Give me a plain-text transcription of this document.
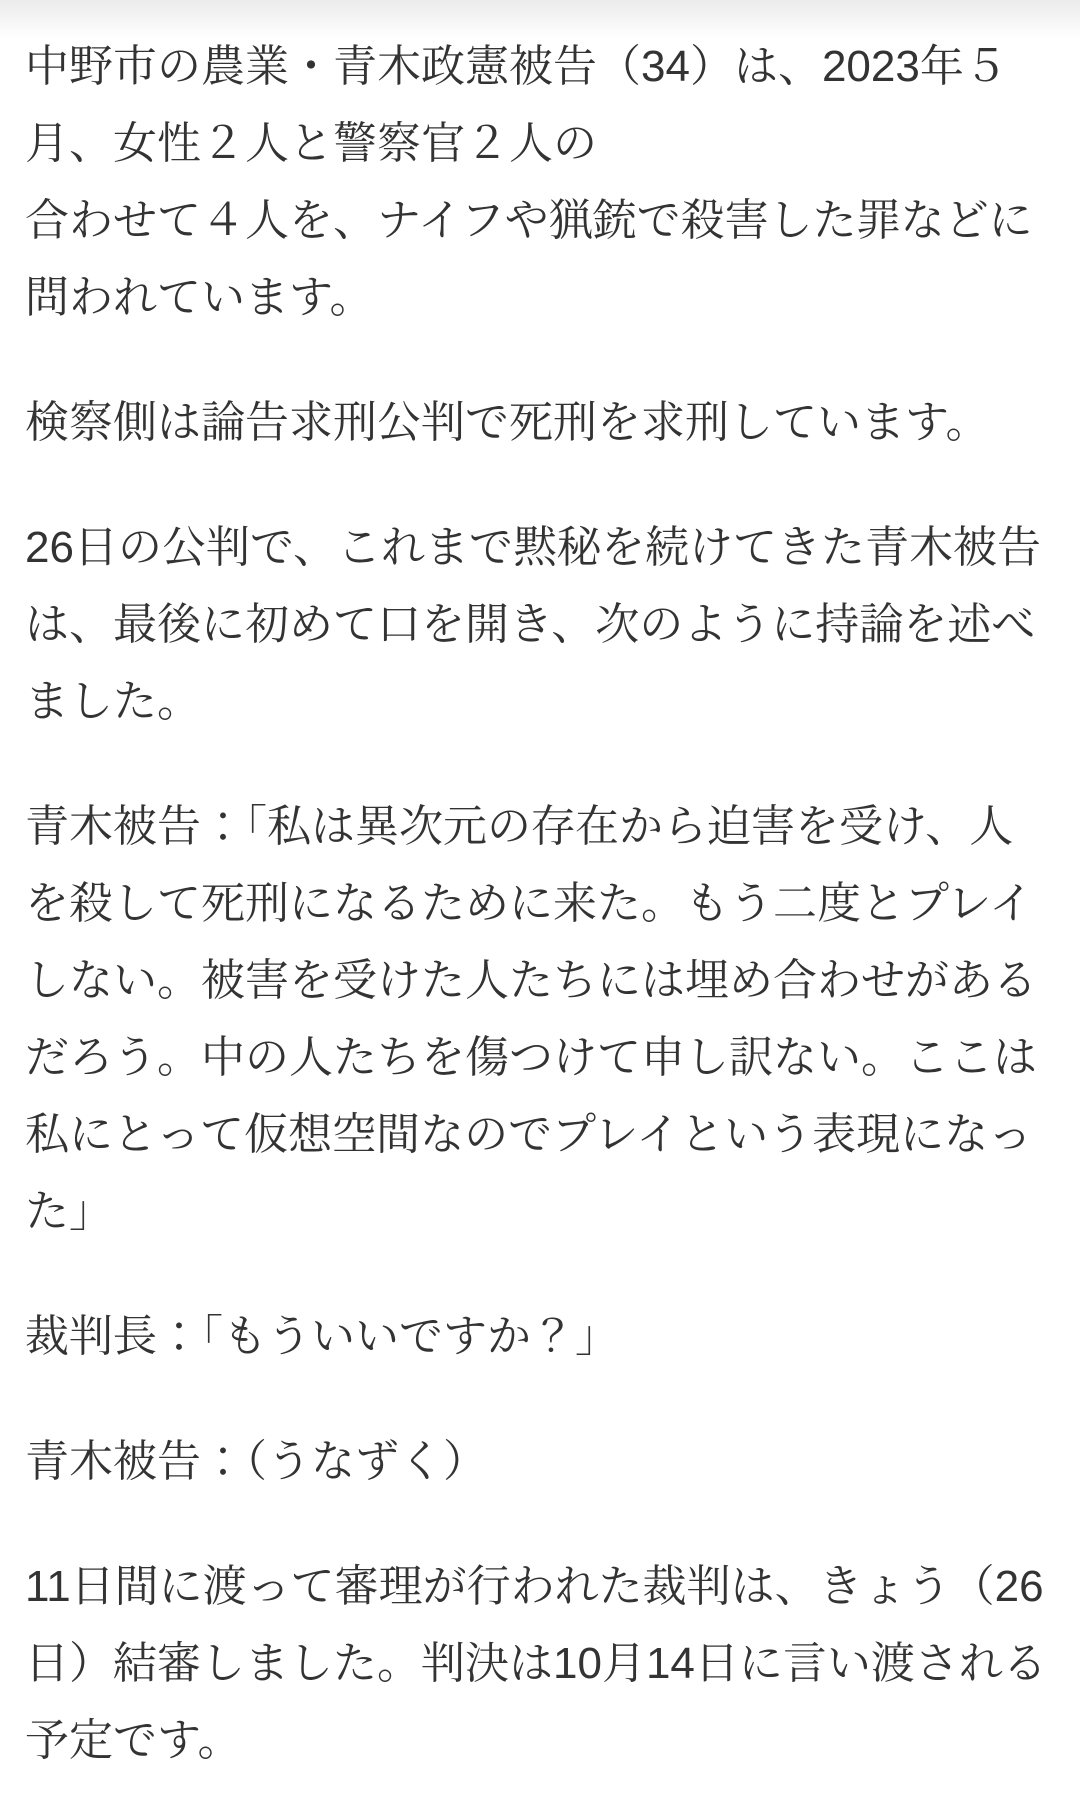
中野市の農業・青木政憲被告（34）は、2023年５
月、女性２人と警察官２人の
合わせて４人を、ナイフや猟銃で殺害した罪などに
問われています。
検察側は論告求刑公判で死刑を求刑しています。
26日の公判で、これまで黙秘を続けてきた青木被告
は、最後に初めて口を開き、次のように持論を述べ
ました。
青木被告：「私は異次元の存在から迫害を受け、人
を殺して死刑になるために来た。もう二度とプレイ
しない。被害を受けた人たちには埋め合わせがある
だろう。中の人たちを傷つけて申し訳ない。ここは
私にとって仮想空間なのでプレイという表現になっ
た」
裁判長：「もういいですか？」
青木被告：（うなずく）
11日間に渡って審理が行われた裁判は、きょう（26
日）結審しました。判決は10月14日に言い渡される
予定です。
